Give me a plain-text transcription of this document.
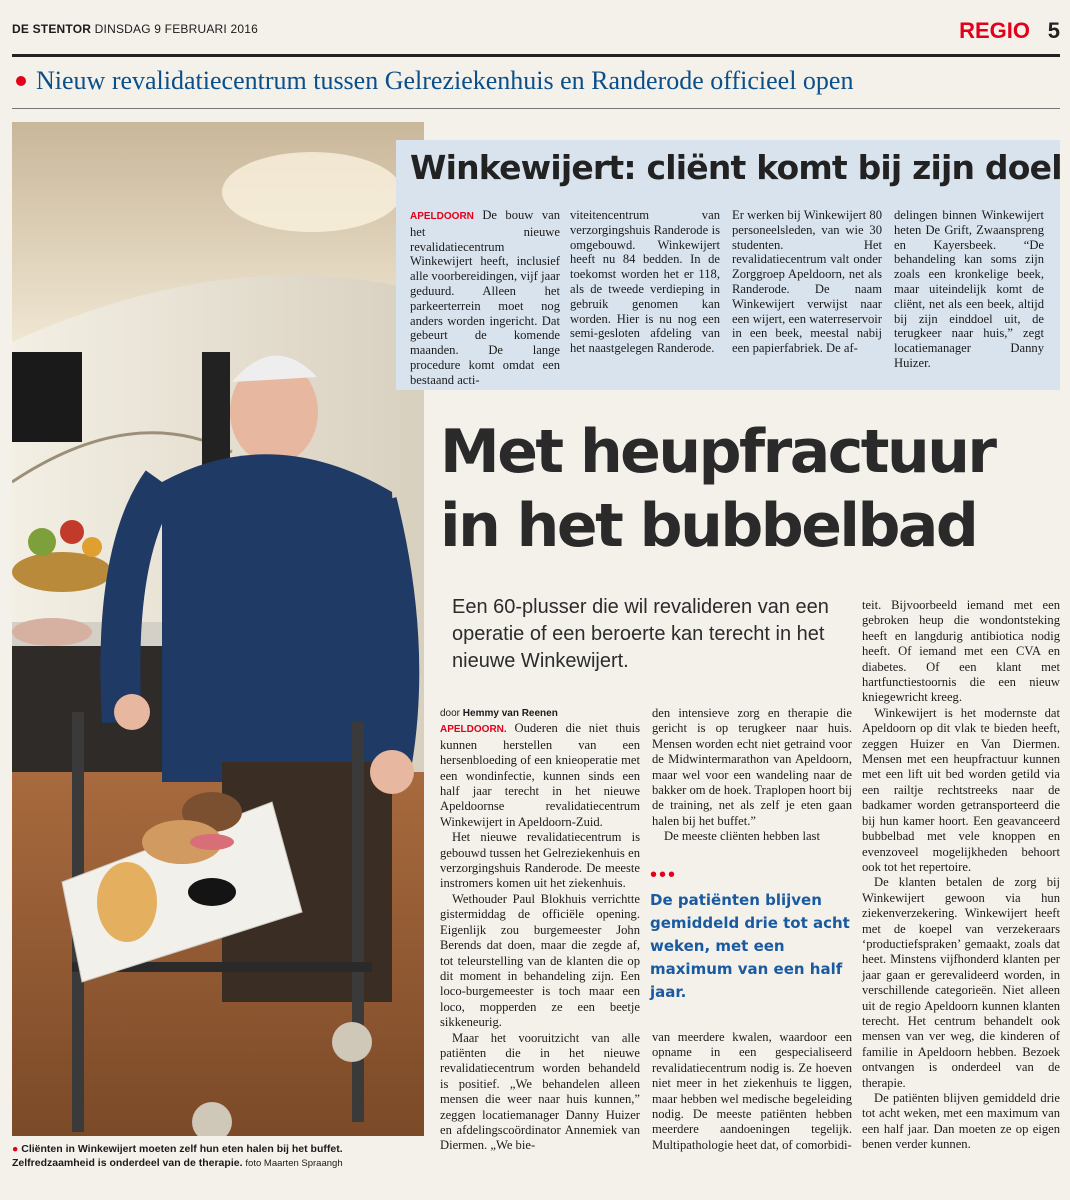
DE STENTOR DINSDAG 9 FEBRUARI 2016	REGIO 5
Nieuw revalidatiecentrum tussen Gelreziekenhuis en Randerode officieel open
● Cliënten in Winkewijert moeten zelf hun eten halen bij het buffet. Zelfredzaamheid is onderdeel van de therapie. foto Maarten Spraangh
Winkewijert: cliënt komt bij zijn doel
APELDOORN De bouw van het nieuwe revalidatiecentrum Winkewijert heeft, inclusief alle voorbereidingen, vijf jaar geduurd. Alleen het parkeerterrein moet nog anders worden ingericht. Dat gebeurt de komende maanden. De lange procedure komt omdat een bestaand acti-
viteitencentrum van verzorgingshuis Randerode is omgebouwd. Winkewijert heeft nu 84 bedden. In de toekomst worden het er 118, als de tweede verdieping in gebruik genomen kan worden. Hier is nu nog een semi-gesloten afdeling van het naastgelegen Randerode.
Er werken bij Winkewijert 80 personeelsleden, van wie 30 studenten. Het revalidatiecentrum valt onder Zorggroep Apeldoorn, net als Randerode. De naam Winkewijert verwijst naar een wijert, een waterreservoir in een beek, meestal nabij een papierfabriek. De af-
delingen binnen Winkewijert heten De Grift, Zwaanspreng en Kayersbeek. “De behandeling kan soms zijn zoals een kronkelige beek, maar uiteindelijk komt de cliënt, net als een beek, altijd bij zijn einddoel uit, de terugkeer naar huis,” zegt locatiemanager Danny Huizer.
Met heupfractuur
in het bubbelbad
Een 60-plusser die wil revalideren van een operatie of een beroerte kan terecht in het nieuwe Winkewijert.
door Hemmy van Reenen

APELDOORN. Ouderen die niet thuis kunnen herstellen van een hersenbloeding of een knieoperatie met een wondinfectie, kunnen sinds een half jaar terecht in het nieuwe Apeldoornse revalidatiecentrum Winkewijert in Apeldoorn-Zuid.

Het nieuwe revalidatiecentrum is gebouwd tussen het Gelreziekenhuis en verzorgingshuis Randerode. De meeste instromers komen uit het ziekenhuis.

Wethouder Paul Blokhuis verrichtte gistermiddag de officiële opening. Eigenlijk zou burgemeester John Berends dat doen, maar die zegde af, tot teleurstelling van de klanten die op dit moment in behandeling zijn. Een loco-burgemeester is toch maar een loco, mopperden ze een beetje sikkeneurig.

Maar het vooruitzicht van alle patiënten die in het nieuwe revalidatiecentrum worden behandeld is positief. „We behandelen alleen mensen die weer naar huis kunnen,” zeggen locatiemanager Danny Huizer en afdelingscoördinator Annemiek van Diermen. „We bie-

den intensieve zorg en therapie die gericht is op terugkeer naar huis. Mensen worden echt niet getraind voor de Midwintermarathon van Apeldoorn, maar wel voor een wandeling naar de bakker om de hoek. Traplopen hoort bij de training, net als zelf je eten gaan halen bij het buffet.”

De meeste cliënten hebben last

•••
De patiënten blijven gemiddeld drie tot acht weken, met een maximum van een half jaar.

van meerdere kwalen, waardoor een opname in een gespecialiseerd revalidatiecentrum nodig is. Ze hoeven niet meer in het ziekenhuis te liggen, maar hebben wel medische begeleiding nodig. De meeste patiënten hebben meerdere aandoeningen tegelijk. Multipathologie heet dat, of comorbidi-

teit. Bijvoorbeeld iemand met een gebroken heup die wondontsteking heeft en langdurig antibiotica nodig heeft. Of iemand met een CVA en diabetes. Of een klant met hartfunctiestoornis die een nieuw kniegewricht kreeg.

Winkewijert is het modernste dat Apeldoorn op dit vlak te bieden heeft, zeggen Huizer en Van Diermen. Mensen met een heupfractuur kunnen met een lift uit bed worden getild via een railtje rechtstreeks naar de badkamer worden getransporteerd die bij hun kamer hoort. Een geavanceerd bubbelbad met vele knoppen en evenzoveel mogelijkheden behoort ook tot het repertoire.

De klanten betalen de zorg bij Winkewijert gewoon via hun ziekenverzekering. Winkewijert heeft met de koepel van verzekeraars ‘productiefspraken’ gemaakt, zoals dat heet. Minstens vijfhonderd klanten per jaar gaan er gerevalideerd worden, in verschillende categorieën. Niet alleen uit de regio Apeldoorn kunnen klanten terecht. Het centrum behandelt ook mensen van ver weg, die kinderen of familie in Apeldoorn hebben. Bezoek ontvangen is onderdeel van de therapie.

De patiënten blijven gemiddeld drie tot acht weken, met een maximum van een half jaar. Dan moeten ze op eigen benen verder kunnen.
